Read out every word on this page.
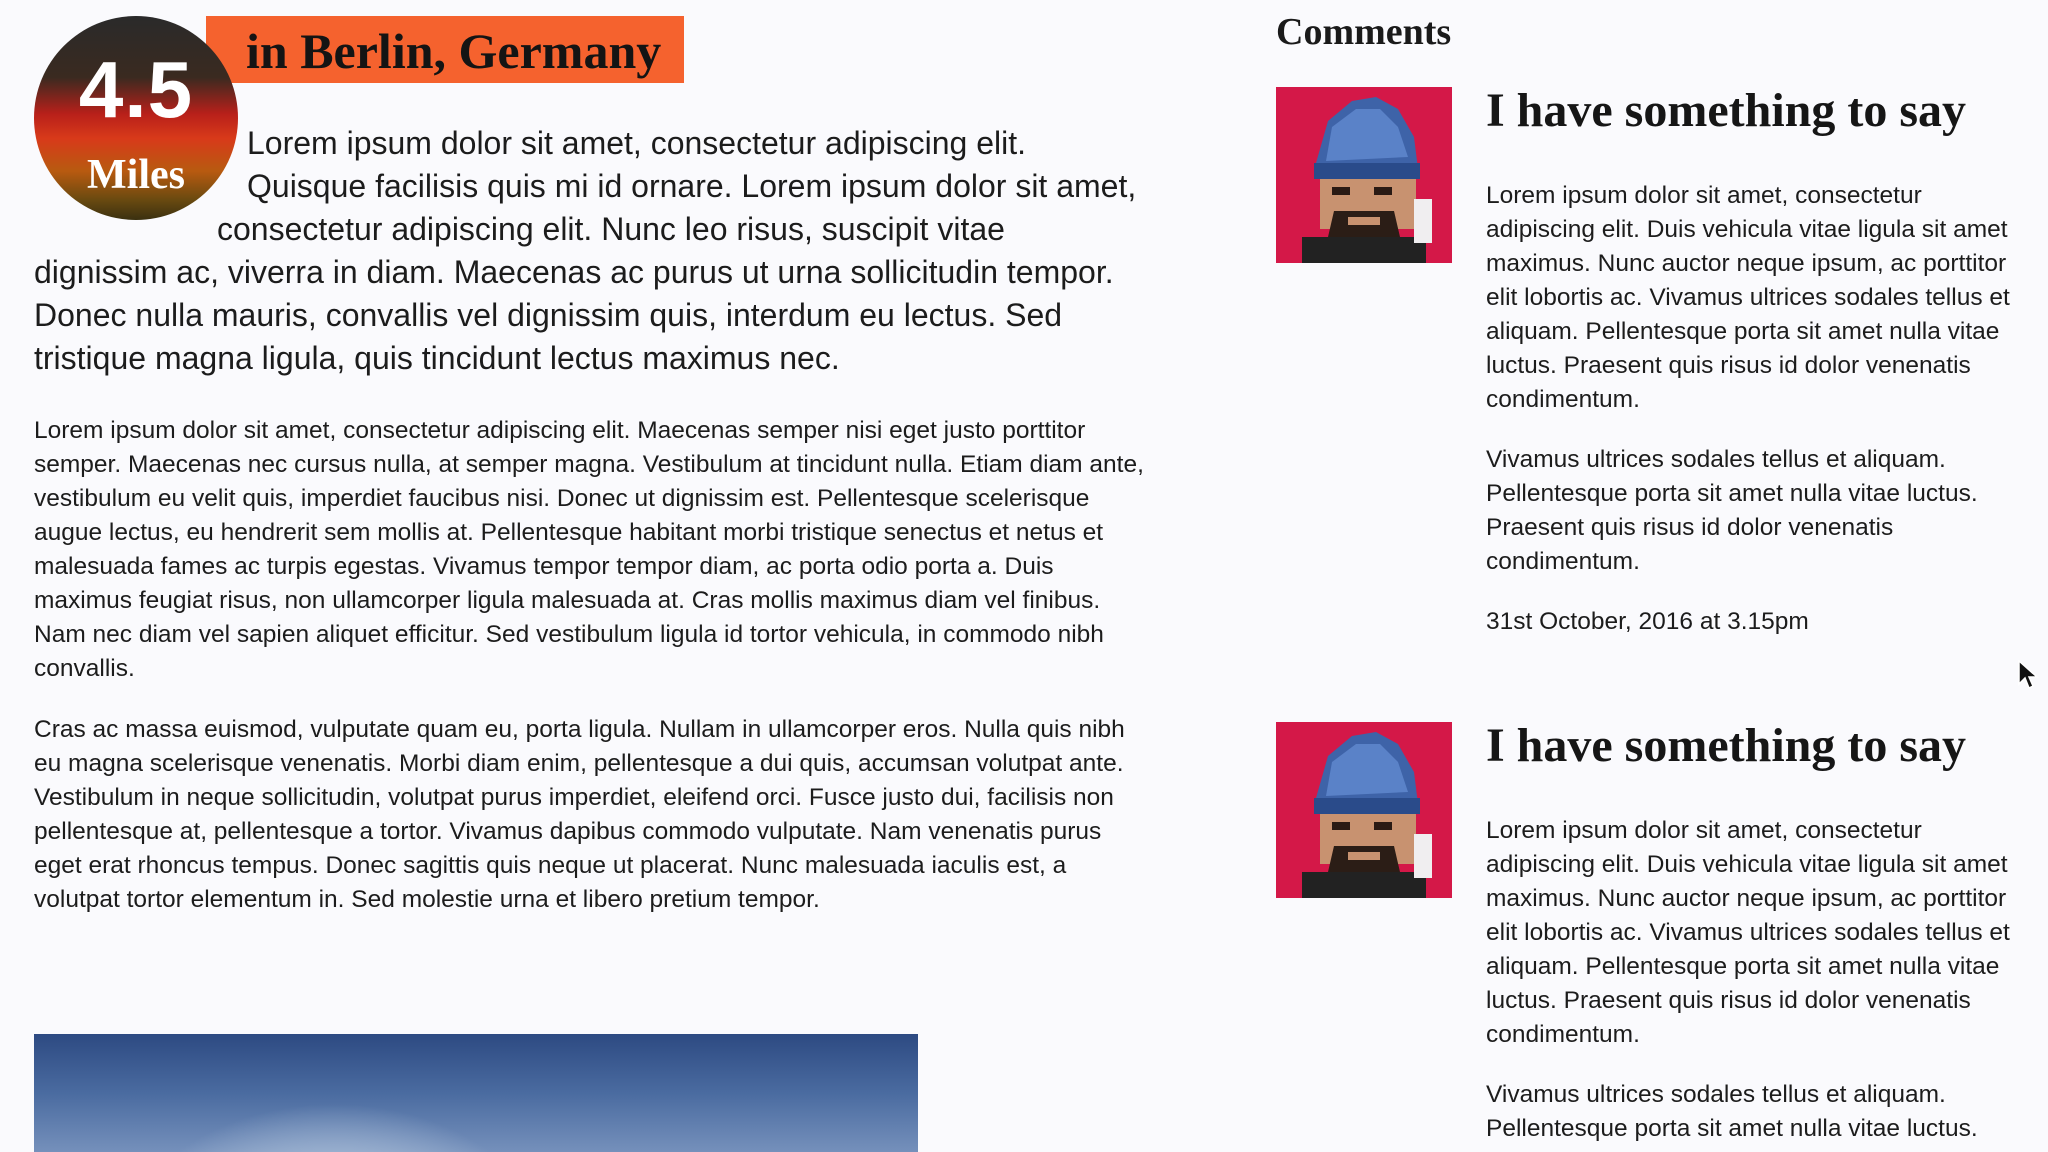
4.5
Miles
in Berlin, Germany

Lorem ipsum dolor sit amet, consectetur adipiscing elit. Quisque facilisis quis mi id ornare. Lorem ipsum dolor sit amet, consectetur adipiscing elit. Nunc leo risus, suscipit vitae dignissim ac, viverra in diam. Maecenas ac purus ut urna sollicitudin tempor. Donec nulla mauris, convallis vel dignissim quis, interdum eu lectus. Sed tristique magna ligula, quis tincidunt lectus maximus nec.

Lorem ipsum dolor sit amet, consectetur adipiscing elit. Maecenas semper nisi eget justo porttitor semper. Maecenas nec cursus nulla, at semper magna. Vestibulum at tincidunt nulla. Etiam diam ante, vestibulum eu velit quis, imperdiet faucibus nisi. Donec ut dignissim est. Pellentesque scelerisque augue lectus, eu hendrerit sem mollis at. Pellentesque habitant morbi tristique senectus et netus et malesuada fames ac turpis egestas. Vivamus tempor tempor diam, ac porta odio porta a. Duis maximus feugiat risus, non ullamcorper ligula malesuada at. Cras mollis maximus diam vel finibus. Nam nec diam vel sapien aliquet efficitur. Sed vestibulum ligula id tortor vehicula, in commodo nibh convallis.

Cras ac massa euismod, vulputate quam eu, porta ligula. Nullam in ullamcorper eros. Nulla quis nibh eu magna scelerisque venenatis. Morbi diam enim, pellentesque a dui quis, accumsan volutpat ante. Vestibulum in neque sollicitudin, volutpat purus imperdiet, eleifend orci. Fusce justo dui, facilisis non pellentesque at, pellentesque a tortor. Vivamus dapibus commodo vulputate. Nam venenatis purus eget erat rhoncus tempus. Donec sagittis quis neque ut placerat. Nunc malesuada iaculis est, a volutpat tortor elementum in. Sed molestie urna et libero pretium tempor.

Comments
I have something to say

Lorem ipsum dolor sit amet, consectetur adipiscing elit. Duis vehicula vitae ligula sit amet maximus. Nunc auctor neque ipsum, ac porttitor elit lobortis ac. Vivamus ultrices sodales tellus et aliquam. Pellentesque porta sit amet nulla vitae luctus. Praesent quis risus id dolor venenatis condimentum.

Vivamus ultrices sodales tellus et aliquam. Pellentesque porta sit amet nulla vitae luctus. Praesent quis risus id dolor venenatis condimentum.

31st October, 2016 at 3.15pm

I have something to say

Lorem ipsum dolor sit amet, consectetur adipiscing elit. Duis vehicula vitae ligula sit amet maximus. Nunc auctor neque ipsum, ac porttitor elit lobortis ac. Vivamus ultrices sodales tellus et aliquam. Pellentesque porta sit amet nulla vitae luctus. Praesent quis risus id dolor venenatis condimentum.

Vivamus ultrices sodales tellus et aliquam. Pellentesque porta sit amet nulla vitae luctus.
